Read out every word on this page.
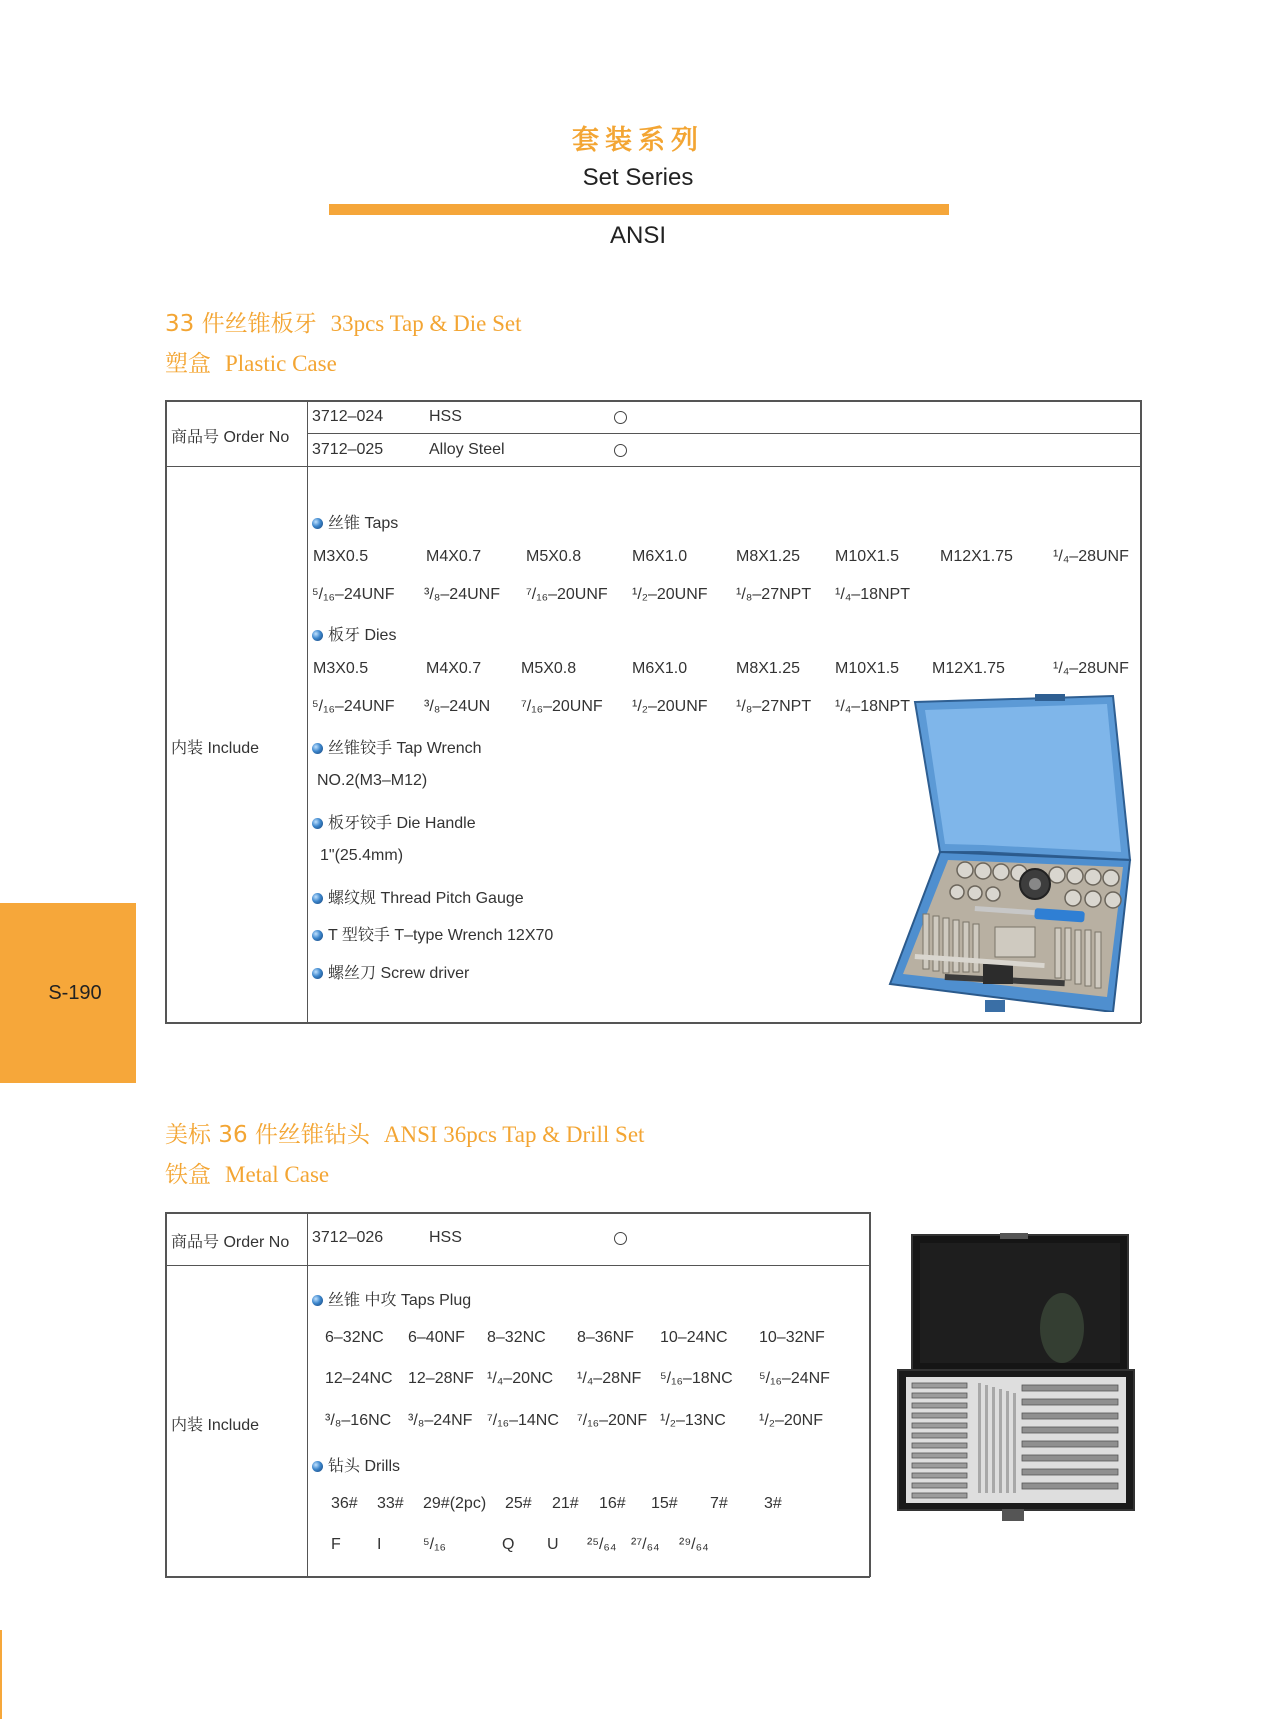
套装系列
Set Series
ANSI
S-190
33 件丝锥板牙 33pcs Tap & Die Set
塑盒 Plastic Case
商品号 Order No
3712–024	HSS
3712–025	Alloy Steel
内装 Include
丝锥 Taps
M3X0.5	M4X0.7	M5X0.8	M6X1.0	M8X1.25 M10X1.5	M12X1.75	¹/₄–28UNF
⁵/₁₆–24UNF ³/₈–24UNF ⁷/₁₆–20UNF ¹/₂–20UNF ¹/₈–27NPT ¹/₄–18NPT
板牙 Dies
M3X0.5	M4X0.7 M5X0.8	M6X1.0	M8X1.25 M10X1.5 M12X1.75	¹/₄–28UNF
⁵/₁₆–24UNF ³/₈–24UN ⁷/₁₆–20UNF ¹/₂–20UNF ¹/₈–27NPT ¹/₄–18NPT
丝锥铰手 Tap Wrench
NO.2(M3–M12)
板牙铰手 Die Handle
1"(25.4mm)
螺纹规 Thread Pitch Gauge
T 型铰手 T–type Wrench 12X70
螺丝刀 Screw driver
美标 36 件丝锥钻头 ANSI 36pcs Tap & Drill Set
铁盒 Metal Case
商品号 Order No 3712–026	HSS
内装 Include
丝锥 中攻 Taps Plug
6–32NC 6–40NF 8–32NC 8–36NF 10–24NC 10–32NF
12–24NC 12–28NF ¹/₄–20NC ¹/₄–28NF ⁵/₁₆–18NC ⁵/₁₆–24NF
³/₈–16NC ³/₈–24NF ⁷/₁₆–14NC ⁷/₁₆–20NF ¹/₂–13NC ¹/₂–20NF
钻头 Drills
36# 33# 29#(2pc) 25# 21# 16# 15# 7# 3#
F I	⁵/₁₆	Q U ²⁵/₆₄ ²⁷/₆₄ ²⁹/₆₄
